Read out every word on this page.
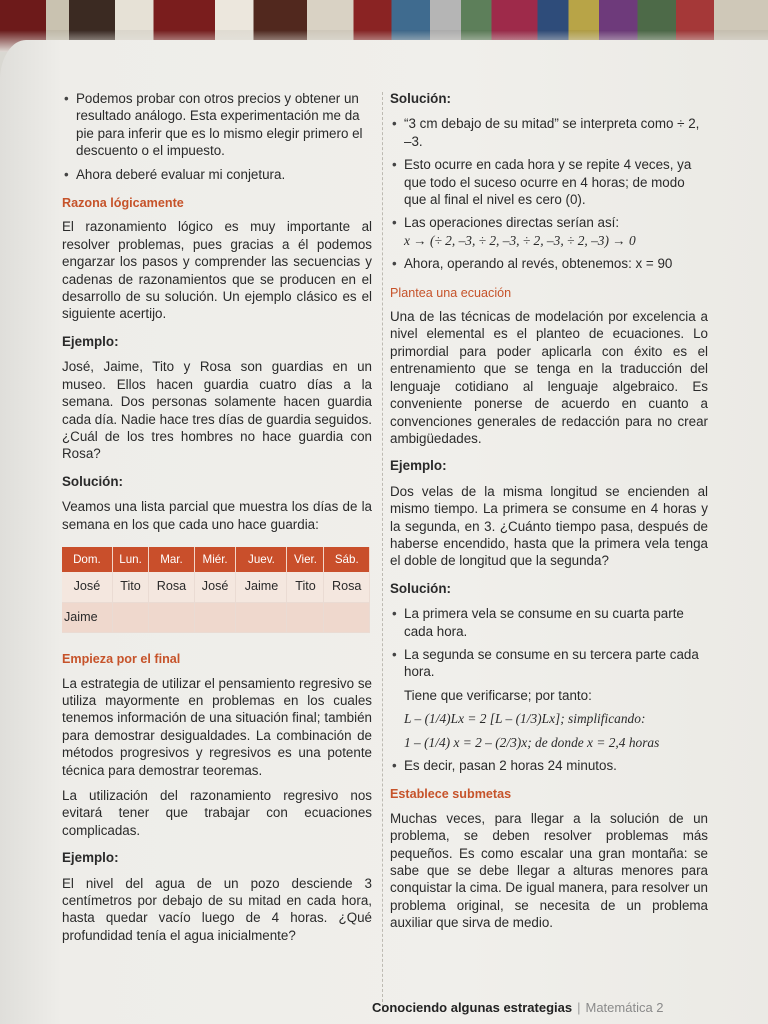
• Podemos probar con otros precios y obtener un resultado análogo. Esta experimentación me da pie para inferir que es lo mismo elegir primero el descuento o el impuesto.
• Ahora deberé evaluar mi conjetura.
Razona lógicamente

El razonamiento lógico es muy importante al resolver problemas, pues gracias a él podemos engarzar los pasos y comprender las secuencias y cadenas de razonamientos que se producen en el desarrollo de su solución. Un ejemplo clásico es el siguiente acertijo.

Ejemplo:

José, Jaime, Tito y Rosa son guardias en un museo. Ellos hacen guardia cuatro días a la semana. Dos personas solamente hacen guardia cada día. Nadie hace tres días de guardia seguidos. ¿Cuál de los tres hombres no hace guardia con Rosa?

Solución:

Veamos una lista parcial que muestra los días de la semana en los que cada uno hace guardia:

Dom.	Lun.	Mar.	Miér.	Juev.	Vier.	Sáb.
José	Tito	Rosa	José	Jaime	Tito	Rosa
Jaime						
Empieza por el final

La estrategia de utilizar el pensamiento regresivo se utiliza mayormente en problemas en los cuales tenemos información de una situación final; también para demostrar desigualdades. La combinación de métodos progresivos y regresivos es una potente técnica para demostrar teoremas.

La utilización del razonamiento regresivo nos evitará tener que trabajar con ecuaciones complicadas.

Ejemplo:

El nivel del agua de un pozo desciende 3 centímetros por debajo de su mitad en cada hora, hasta quedar vacío luego de 4 horas. ¿Qué profundidad tenía el agua inicialmente?

Solución:
• “3 cm debajo de su mitad” se interpreta como ÷ 2, –3.
• Esto ocurre en cada hora y se repite 4 veces, ya que todo el suceso ocurre en 4 horas; de modo que al final el nivel es cero (0).
• Las operaciones directas serían así:
x → (÷ 2, –3, ÷ 2, –3, ÷ 2, –3, ÷ 2, –3) → 0
• Ahora, operando al revés, obtenemos: x = 90
Plantea una ecuación

Una de las técnicas de modelación por excelencia a nivel elemental es el planteo de ecuaciones. Lo primordial para poder aplicarla con éxito es el entrenamiento que se tenga en la traducción del lenguaje cotidiano al lenguaje algebraico. Es conveniente ponerse de acuerdo en cuanto a convenciones generales de redacción para no crear ambigüedades.

Ejemplo:

Dos velas de la misma longitud se encienden al mismo tiempo. La primera se consume en 4 horas y la segunda, en 3. ¿Cuánto tiempo pasa, después de haberse encendido, hasta que la primera vela tenga el doble de longitud que la segunda?

Solución:
• La primera vela se consume en su cuarta parte cada hora.
• La segunda se consume en su tercera parte cada hora.
Tiene que verificarse; por tanto:
L – (1/4)Lx = 2 [L – (1/3)Lx]; simplificando:
1 – (1/4) x = 2 – (2/3)x; de donde x = 2,4 horas
• Es decir, pasan 2 horas 24 minutos.
Establece submetas

Muchas veces, para llegar a la solución de un problema, se deben resolver problemas más pequeños. Es como escalar una gran montaña: se sabe que se debe llegar a alturas menores para conquistar la cima. De igual manera, para resolver un problema original, se necesita de un problema auxiliar que sirva de medio.

Conociendo algunas estrategias | Matemática 2
